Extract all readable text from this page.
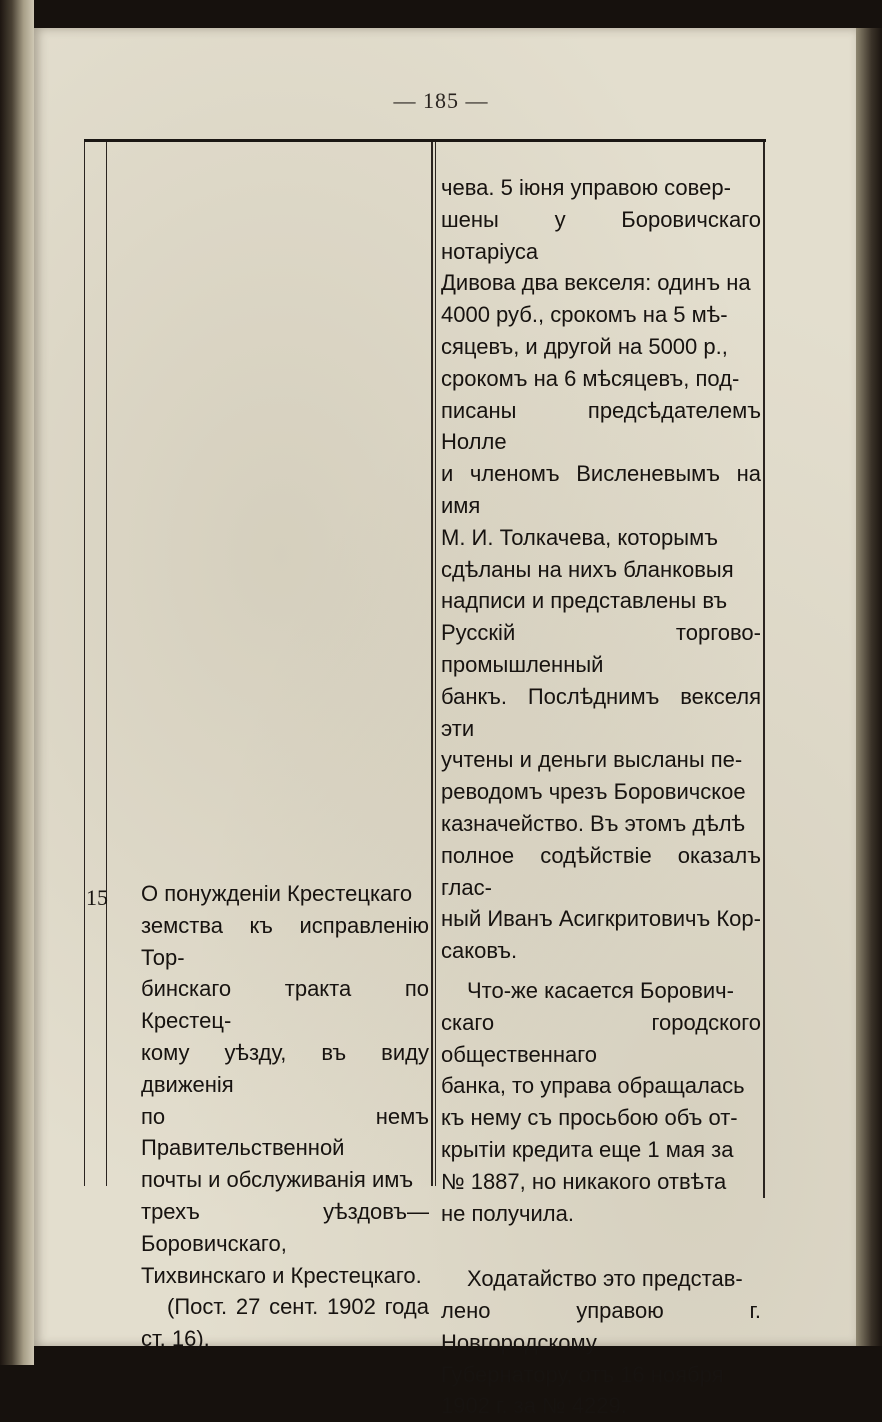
— 185 —
15 О понужденіи Крестецкаго

земства къ исправленію Тор-

бинскаго тракта по Крестец-

кому уѣзду, въ виду движенія

по немъ Правительственной

почты и обслуживанія имъ

трехъ уѣздовъ— Боровичскаго,

Тихвинскаго и Крестецкаго.

(Пост. 27 сент. 1902 года ст. 16).

чева. 5 іюня управою совер-

шены у Боровичскаго нотаріуса

Дивова два векселя: одинъ на

4000 руб., срокомъ на 5 мѣ-

сяцевъ, и другой на 5000 р.,

срокомъ на 6 мѣсяцевъ, под-

писаны предсѣдателемъ Нолле

и членомъ Висленевымъ на имя

М. И. Толкачева, которымъ

сдѣланы на нихъ бланковыя

надписи и представлены въ

Русскій торгово-промышленный

банкъ. Послѣднимъ векселя эти

учтены и деньги высланы пе-

реводомъ чрезъ Боровичское

казначейство. Въ этомъ дѣлѣ

полное содѣйствіе оказалъ глас-

ный Иванъ Асигкритовичъ Кор-

саковъ.

Что-же касается Борович-

скаго городского общественнаго

банка, то управа обращалась

къ нему съ просьбою объ от-

крытіи кредита еще 1 мая за

№ 1887, но никакого отвѣта

не получила.

Ходатайство это представ-

лено управою г. Новгородскому

Губернатору, отъ 16 ноября

1902 г. за № 4229.
